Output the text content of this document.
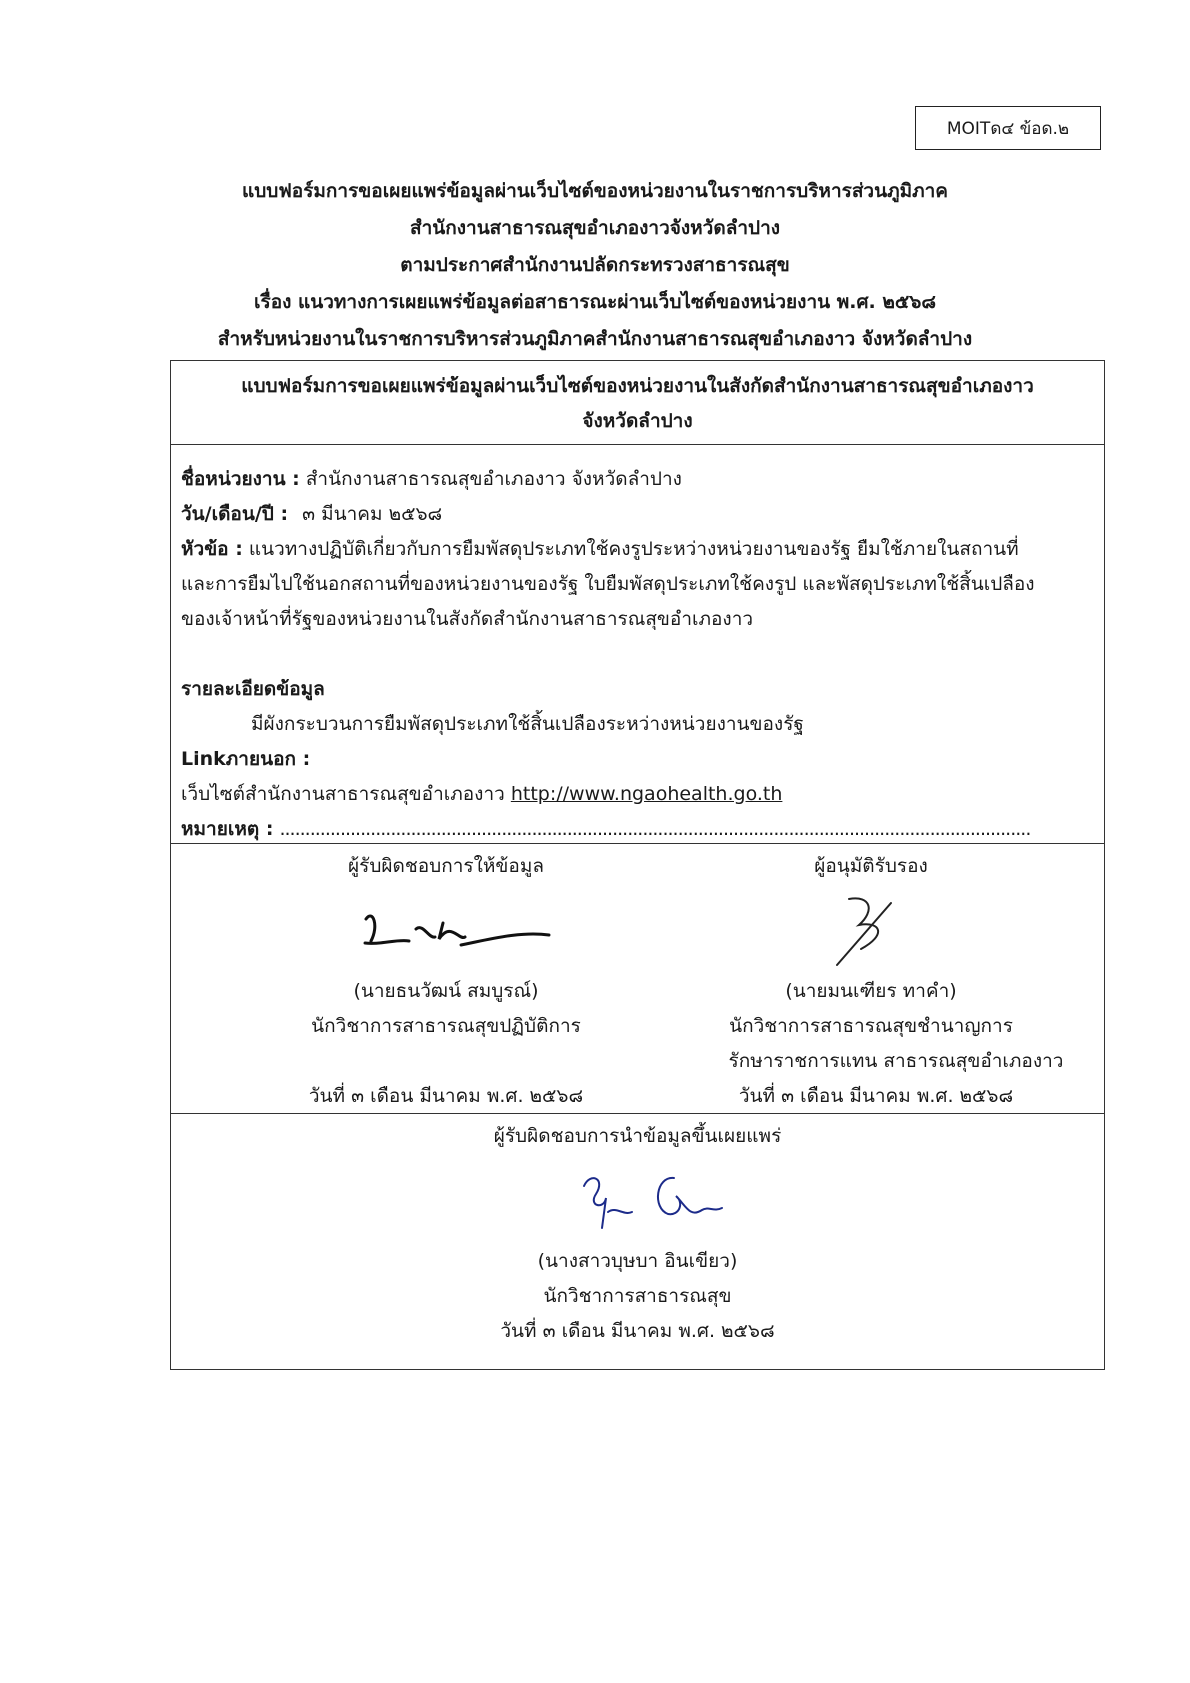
MOITด๔ ข้อด.๒
แบบฟอร์มการขอเผยแพร่ข้อมูลผ่านเว็บไซต์ของหน่วยงานในราชการบริหารส่วนภูมิภาค
สำนักงานสาธารณสุขอำเภองาวจังหวัดลำปาง
ตามประกาศสำนักงานปลัดกระทรวงสาธารณสุข
เรื่อง แนวทางการเผยแพร่ข้อมูลต่อสาธารณะผ่านเว็บไซต์ของหน่วยงาน พ.ศ. ๒๕๖๘
สำหรับหน่วยงานในราชการบริหารส่วนภูมิภาคสำนักงานสาธารณสุขอำเภองาว จังหวัดลำปาง
แบบฟอร์มการขอเผยแพร่ข้อมูลผ่านเว็บไซต์ของหน่วยงานในสังกัดสำนักงานสาธารณสุขอำเภองาว
จังหวัดลำปาง
ชื่อหน่วยงาน : สำนักงานสาธารณสุขอำเภองาว จังหวัดลำปาง
วัน/เดือน/ปี : ๓ มีนาคม ๒๕๖๘
หัวข้อ : แนวทางปฏิบัติเกี่ยวกับการยืมพัสดุประเภทใช้คงรูประหว่างหน่วยงานของรัฐ ยืมใช้ภายในสถานที่
และการยืมไปใช้นอกสถานที่ของหน่วยงานของรัฐ ใบยืมพัสดุประเภทใช้คงรูป และพัสดุประเภทใช้สิ้นเปลือง
ของเจ้าหน้าที่รัฐของหน่วยงานในสังกัดสำนักงานสาธารณสุขอำเภองาว
รายละเอียดข้อมูล
มีผังกระบวนการยืมพัสดุประเภทใช้สิ้นเปลืองระหว่างหน่วยงานของรัฐ
Linkภายนอก :
เว็บไซต์สำนักงานสาธารณสุขอำเภองาว http://www.ngaohealth.go.th
หมายเหตุ : .....................................................................................................................................................
ผู้รับผิดชอบการให้ข้อมูล
(นายธนวัฒน์ สมบูรณ์)
นักวิชาการสาธารณสุขปฏิบัติการ
วันที่ ๓ เดือน มีนาคม พ.ศ. ๒๕๖๘
ผู้อนุมัติรับรอง
(นายมนเฑียร ทาคำ)
นักวิชาการสาธารณสุขชำนาญการ
รักษาราชการแทน สาธารณสุขอำเภองาว
วันที่ ๓ เดือน มีนาคม พ.ศ. ๒๕๖๘
ผู้รับผิดชอบการนำข้อมูลขึ้นเผยแพร่
(นางสาวบุษบา อินเขียว)
นักวิชาการสาธารณสุข
วันที่ ๓ เดือน มีนาคม พ.ศ. ๒๕๖๘
